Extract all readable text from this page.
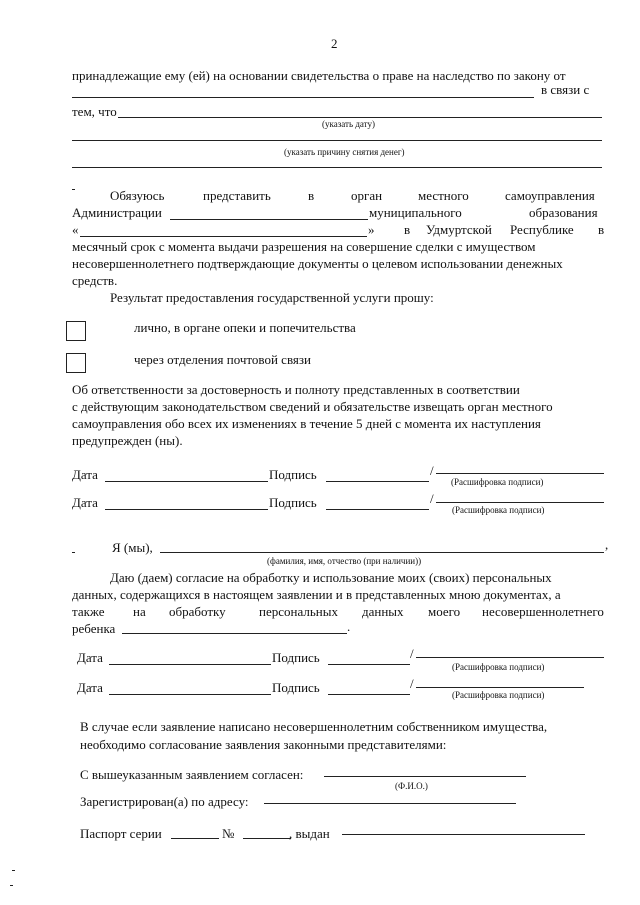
2
принадлежащие ему (ей) на основании свидетельства о праве на наследство по закону от
в связи с
тем, что
(указать дату)
(указать причину снятия денег)
Обязуюсь	представить	в	орган	местного	самоуправления
Администрации	муниципального	образования
«	» в Удмуртской Республике в
месячный срок с момента выдачи разрешения на совершение сделки с имуществом
несовершеннолетнего подтверждающие документы о целевом использовании денежных
средств.
Результат предоставления государственной услуги прошу:
лично, в органе опеки и попечительства
через отделения почтовой связи
Об ответственности за достоверность и полноту представленных в соответствии
с действующим законодательством сведений и обязательстве извещать орган местного
самоуправления обо всех их изменениях в течение 5 дней с момента их наступления
предупрежден (ны).
Дата	Подпись	/
(Расшифровка подписи)
Дата	Подпись	/
(Расшифровка подписи)
Я (мы),	,
(фамилия, имя, отчество (при наличии))
Даю (даем) согласие на обработку и использование моих (своих) персональных
данных, содержащихся в настоящем заявлении и в представленных мною документах, а
также на обработку	персональных данных моего несовершеннолетнего
ребенка	.
Дата	Подпись	/
(Расшифровка подписи)
Дата	Подпись	/
(Расшифровка подписи)
В случае если заявление написано несовершеннолетним собственником имущества,
необходимо согласование заявления законными представителями:
С вышеуказанным заявлением согласен:
(Ф.И.О.)
Зарегистрирован(а) по адресу:
Паспорт серии	№	, выдан
